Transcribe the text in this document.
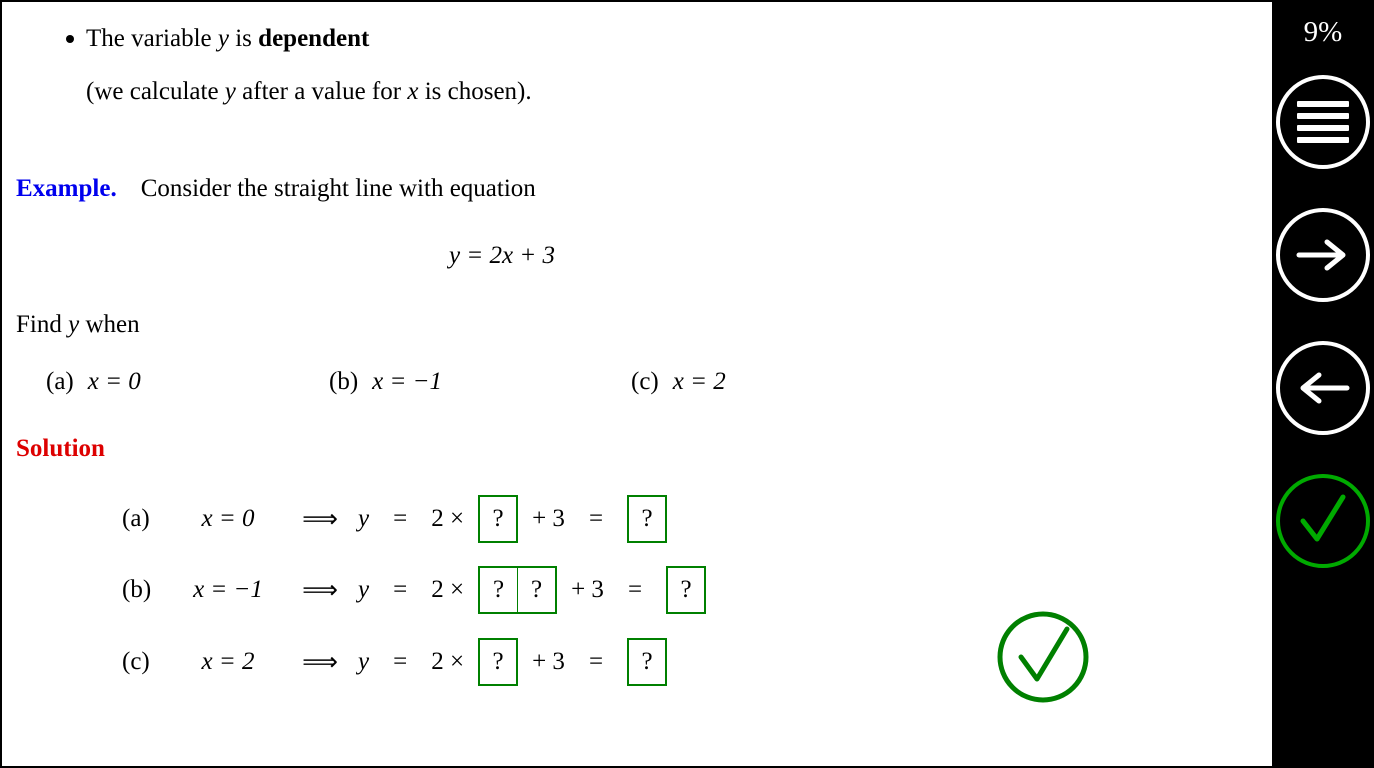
The variable y is dependent
(we calculate y after a value for x is chosen).
Example. Consider the straight line with equation
y = 2x + 3
Find y when
(a) x = 0	(b) x = −1	(c) x = 2
Solution
(a)	x = 0	⟹ y = 2 ×	?	+ 3 =	?
(b)	x = −1	⟹ y = 2 ×	?	?	+ 3 =	?
(c)	x = 2	⟹ y = 2 ×	?	+ 3 =	?
9%
